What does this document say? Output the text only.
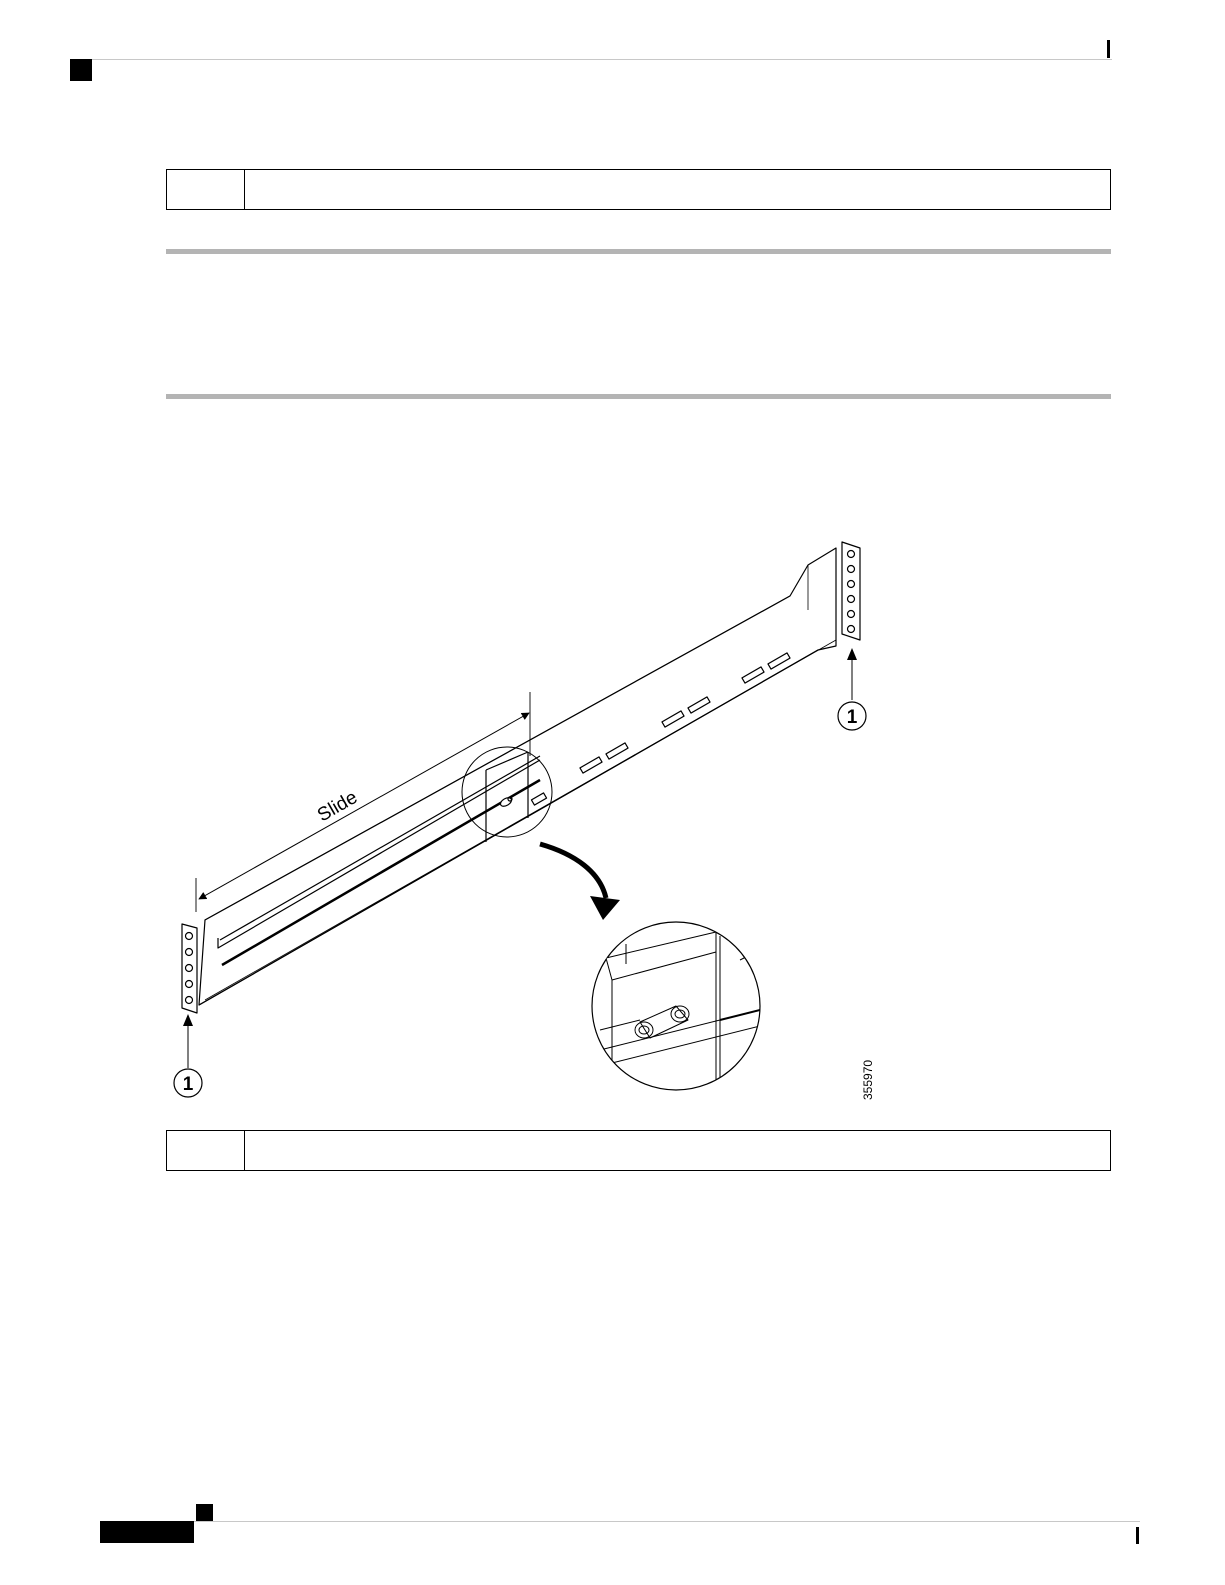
Slide
1
1	355970
